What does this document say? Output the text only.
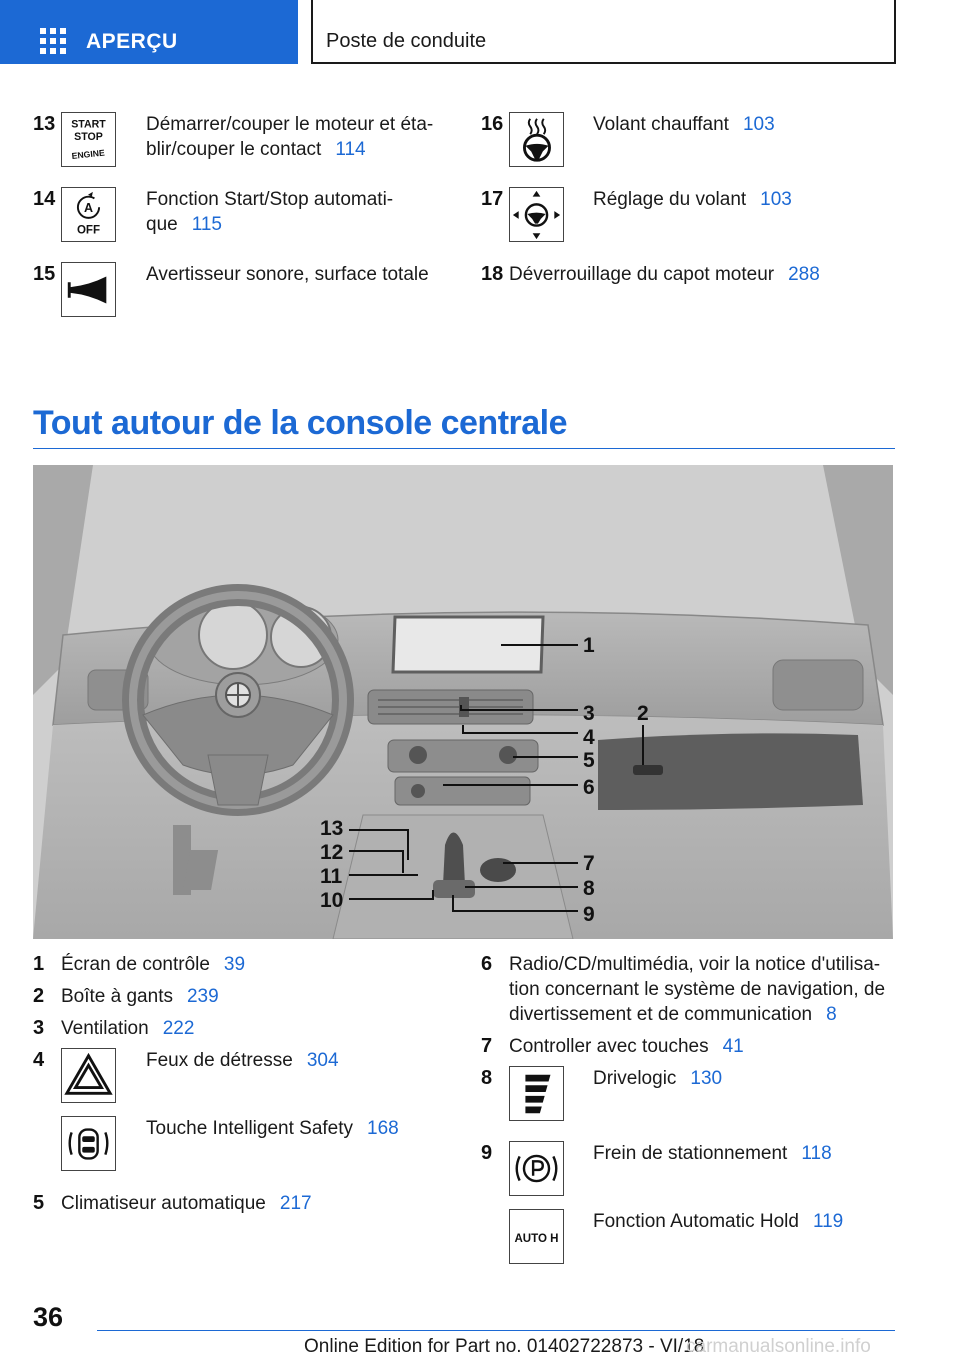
APERÇU	Poste de conduite
13 START
STOP
ENGINE
Démarrer/couper le moteur et éta‐
blir/couper le contact 114
14 A
OFF
Fonction Start/Stop automati‐
que 115
15	Avertisseur sonore, surface totale
16	Volant chauffant 103
17	Réglage du volant 103
18 Déverrouillage du capot moteur 288
Tout autour de la console centrale
1
2
3
4
5
6
7
8
9
10
11
12
13
1 Écran de contrôle 39
2 Boîte à gants 239
3 Ventilation 222
4	Feux de détresse 304
Touche Intelligent Safety 168
5 Climatiseur automatique 217
6 Radio/CD/multimédia, voir la notice d'utilisa‐
tion concernant le système de navigation, de
divertissement et de communication 8
7 Controller avec touches 41
8	Drivelogic 130
9	Frein de stationnement 118
AUTO H
Fonction Automatic Hold 119
36
Online Edition for Part no. 01402722873 - VI/18
carmanualsonline.info
